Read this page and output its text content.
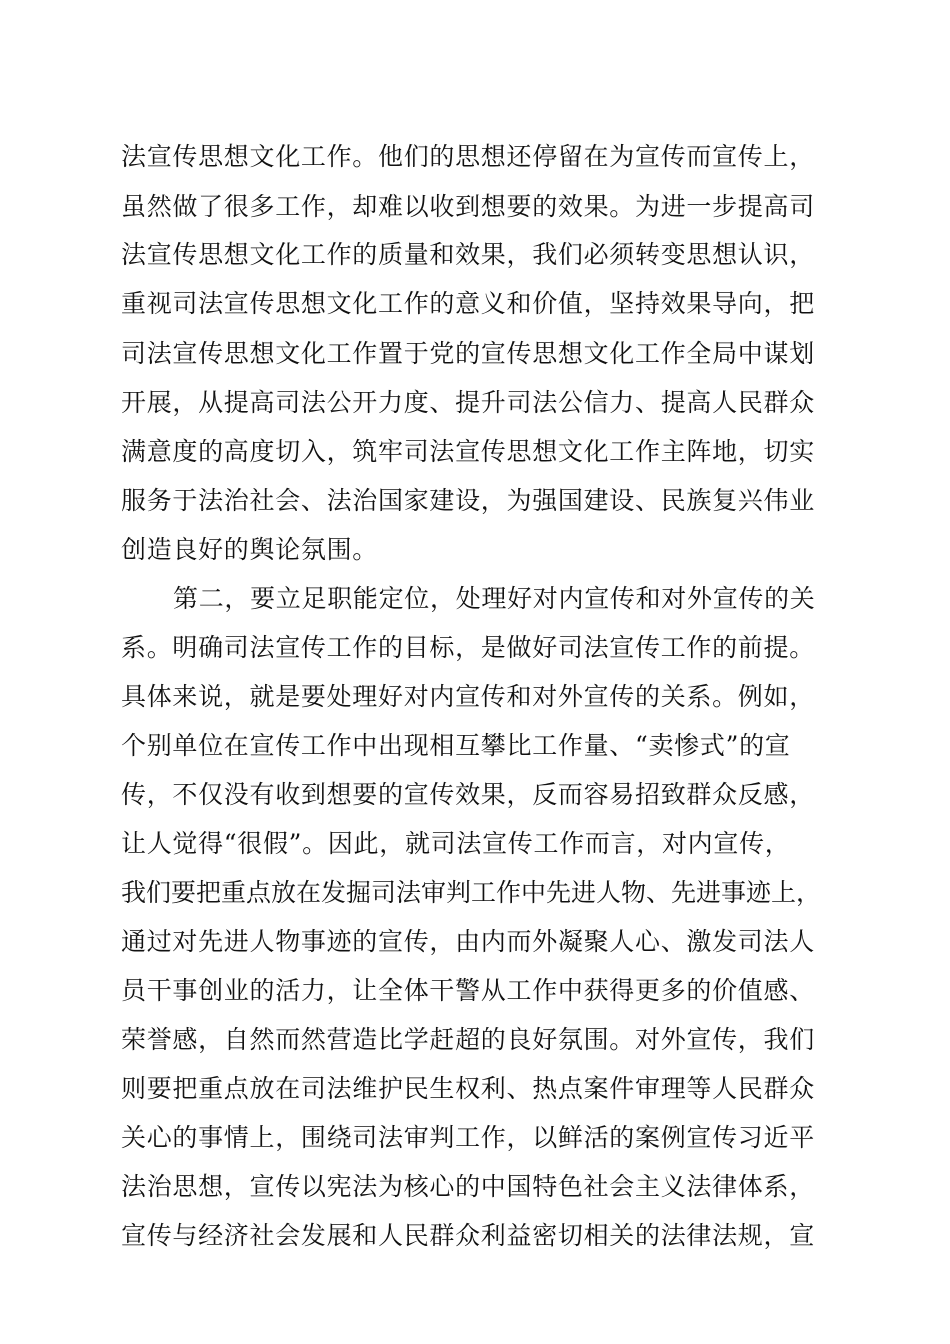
法宣传思想文化工作。他们的思想还停留在为宣传而宣传上，
虽然做了很多工作，却难以收到想要的效果。为进一步提高司
法宣传思想文化工作的质量和效果，我们必须转变思想认识，
重视司法宣传思想文化工作的意义和价值，坚持效果导向，把
司法宣传思想文化工作置于党的宣传思想文化工作全局中谋划
开展，从提高司法公开力度、提升司法公信力、提高人民群众
满意度的高度切入，筑牢司法宣传思想文化工作主阵地，切实
服务于法治社会、法治国家建设，为强国建设、民族复兴伟业
创造良好的舆论氛围。
第二，要立足职能定位，处理好对内宣传和对外宣传的关
系。明确司法宣传工作的目标，是做好司法宣传工作的前提。
具体来说，就是要处理好对内宣传和对外宣传的关系。例如，
个别单位在宣传工作中出现相互攀比工作量、“卖惨式”的宣
传，不仅没有收到想要的宣传效果，反而容易招致群众反感，
让人觉得“很假”。因此，就司法宣传工作而言，对内宣传，
我们要把重点放在发掘司法审判工作中先进人物、先进事迹上，
通过对先进人物事迹的宣传，由内而外凝聚人心、激发司法人
员干事创业的活力，让全体干警从工作中获得更多的价值感、
荣誉感，自然而然营造比学赶超的良好氛围。对外宣传，我们
则要把重点放在司法维护民生权利、热点案件审理等人民群众
关心的事情上，围绕司法审判工作，以鲜活的案例宣传习近平
法治思想，宣传以宪法为核心的中国特色社会主义法律体系，
宣传与经济社会发展和人民群众利益密切相关的法律法规，宣
